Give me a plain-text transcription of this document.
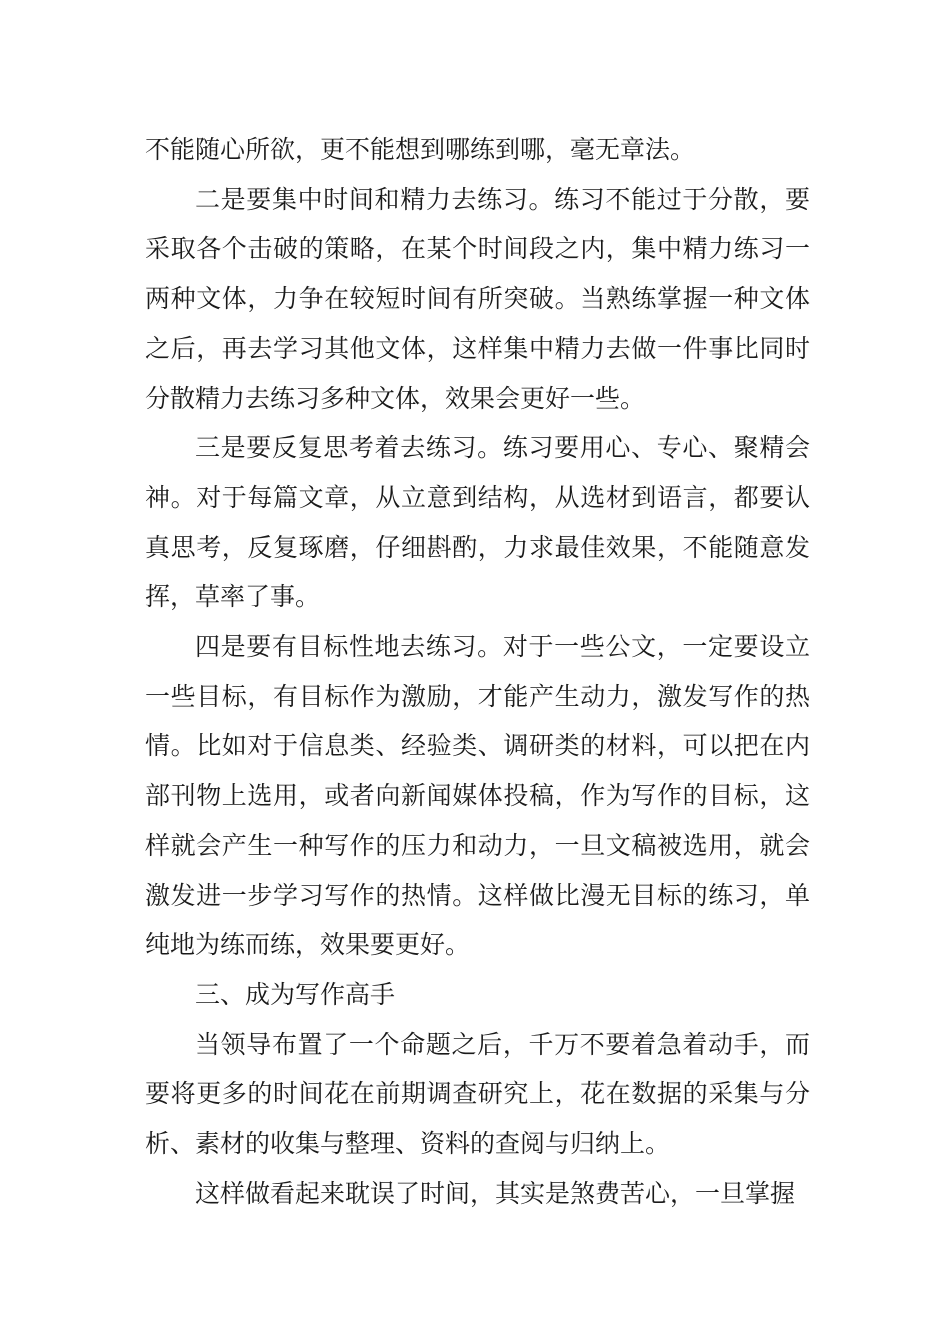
不能随心所欲，更不能想到哪练到哪，毫无章法。

二是要集中时间和精力去练习。练习不能过于分散，要采取各个击破的策略，在某个时间段之内，集中精力练习一两种文体，力争在较短时间有所突破。当熟练掌握一种文体之后，再去学习其他文体，这样集中精力去做一件事比同时分散精力去练习多种文体，效果会更好一些。

三是要反复思考着去练习。练习要用心、专心、聚精会神。对于每篇文章，从立意到结构，从选材到语言，都要认真思考，反复琢磨，仔细斟酌，力求最佳效果，不能随意发挥，草率了事。

四是要有目标性地去练习。对于一些公文，一定要设立一些目标，有目标作为激励，才能产生动力，激发写作的热情。比如对于信息类、经验类、调研类的材料，可以把在内部刊物上选用，或者向新闻媒体投稿，作为写作的目标，这样就会产生一种写作的压力和动力，一旦文稿被选用，就会激发进一步学习写作的热情。这样做比漫无目标的练习，单纯地为练而练，效果要更好。

三、成为写作高手

当领导布置了一个命题之后，千万不要着急着动手，而要将更多的时间花在前期调查研究上，花在数据的采集与分析、素材的收集与整理、资料的查阅与归纳上。

这样做看起来耽误了时间，其实是煞费苦心，一旦掌握
